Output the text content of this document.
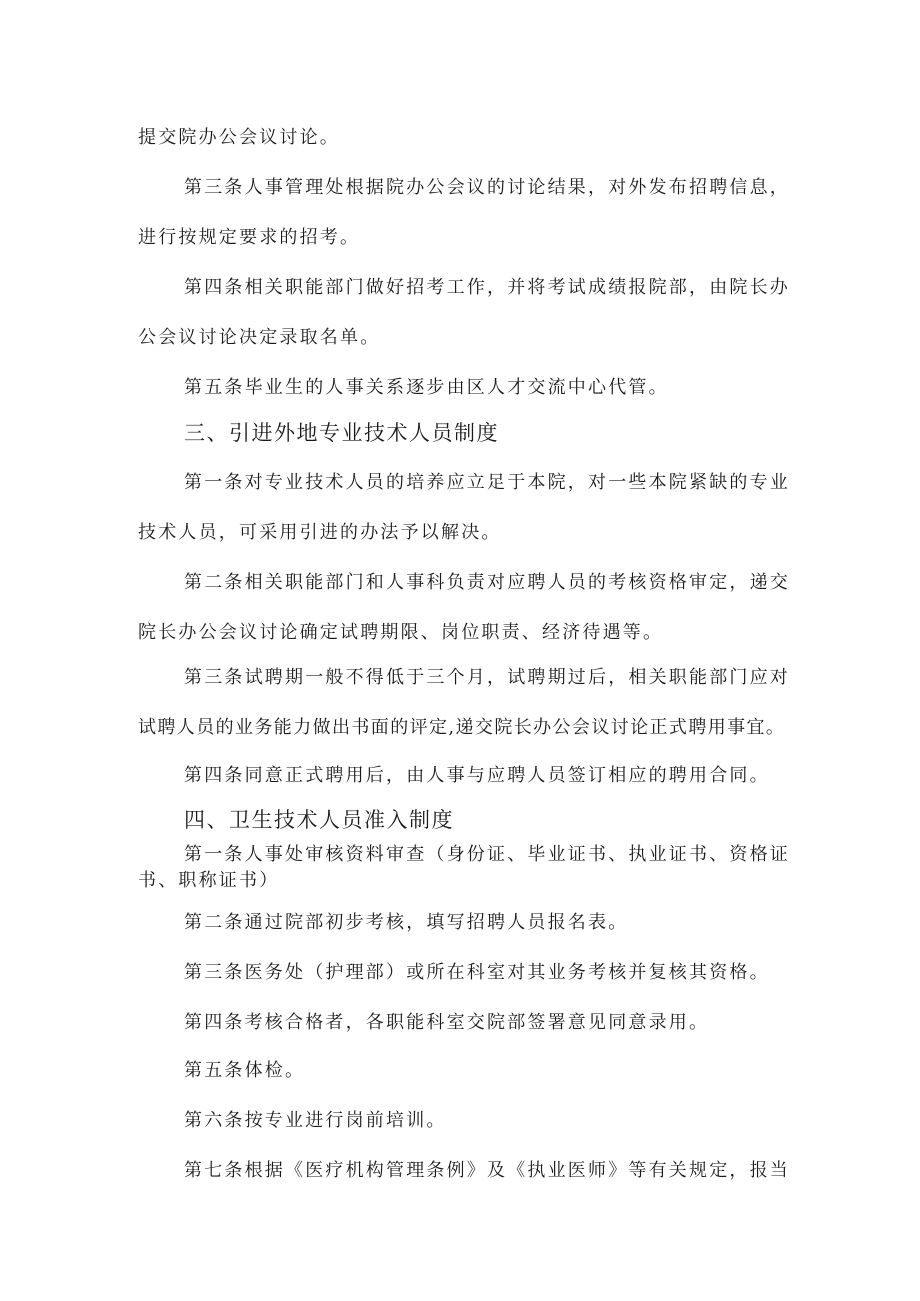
提交院办公会议讨论。
第三条人事管理处根据院办公会议的讨论结果，对外发布招聘信息，
进行按规定要求的招考。
第四条相关职能部门做好招考工作，并将考试成绩报院部，由院长办
公会议讨论决定录取名单。
第五条毕业生的人事关系逐步由区人才交流中心代管。
三、引进外地专业技术人员制度
第一条对专业技术人员的培养应立足于本院，对一些本院紧缺的专业
技术人员，可采用引进的办法予以解决。
第二条相关职能部门和人事科负责对应聘人员的考核资格审定，递交
院长办公会议讨论确定试聘期限、岗位职责、经济待遇等。
第三条试聘期一般不得低于三个月，试聘期过后，相关职能部门应对
试聘人员的业务能力做出书面的评定,递交院长办公会议讨论正式聘用事宜。
第四条同意正式聘用后，由人事与应聘人员签订相应的聘用合同。
四、卫生技术人员准入制度
第一条人事处审核资料审查（身份证、毕业证书、执业证书、资格证
书、职称证书）
第二条通过院部初步考核，填写招聘人员报名表。
第三条医务处（护理部）或所在科室对其业务考核并复核其资格。
第四条考核合格者，各职能科室交院部签署意见同意录用。
第五条体检。
第六条按专业进行岗前培训。
第七条根据《医疗机构管理条例》及《执业医师》等有关规定，报当
